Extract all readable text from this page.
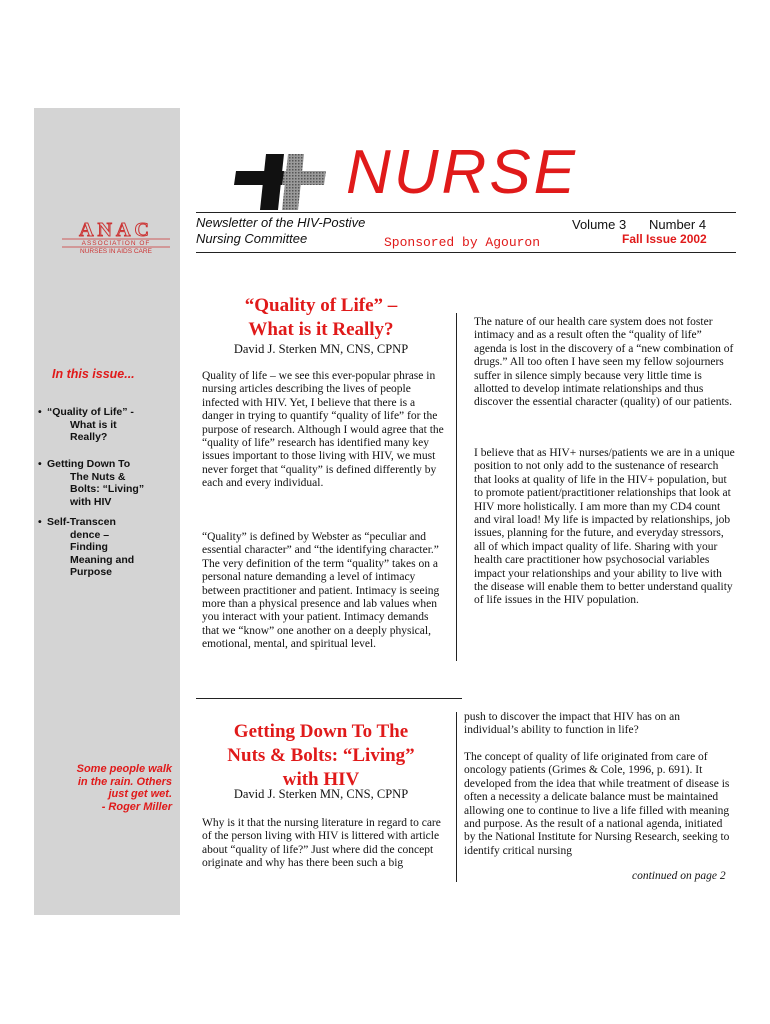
NURSE
ANAC
ASSOCIATION OF
NURSES IN AIDS CARE
Newsletter of the HIV-Postive
Nursing Committee	Sponsored by Agouron
Volume 3 Number 4
Fall Issue 2002
In this issue...
• “Quality of Life” -
What is it
Really?
• Getting Down To
The Nuts &
Bolts: “Living”
with HIV
• Self-Transcen
dence –
Finding
Meaning and
Purpose
Some people walk
in the rain. Others
just get wet.
- Roger Miller
“Quality of Life” –
What is it Really?
David J. Sterken MN, CNS, CPNP
Quality of life – we see this ever-popular phrase in nursing articles describing the lives of people infected with HIV. Yet, I believe that there is a danger in trying to quantify “quality of life” for the purpose of research. Although I would agree that the “quality of life” research has identified many key issues important to those living with HIV, we must never forget that “quality” is defined differently by each and every individual.
“Quality” is defined by Webster as “peculiar and essential character” and “the identifying character.” The very definition of the term “quality” takes on a personal nature demanding a level of intimacy between practitioner and patient. Intimacy is seeing more than a physical presence and lab values when you interact with your patient. Intimacy demands that we “know” one another on a deeply physical, emotional, mental, and spiritual level.
The nature of our health care system does not foster intimacy and as a result often the “quality of life” agenda is lost in the discovery of a “new combination of drugs.” All too often I have seen my fellow sojourners suffer in silence simply because very little time is allotted to develop intimate relationships and thus discover the essential character (quality) of our patients.
I believe that as HIV+ nurses/patients we are in a unique position to not only add to the sustenance of research that looks at quality of life in the HIV+ population, but to promote patient/practitioner relationships that look at HIV more holistically. I am more than my CD4 count and viral load! My life is impacted by relationships, job issues, planning for the future, and everyday stressors, all of which impact quality of life. Sharing with your health care practitioner how psychosocial variables impact your relationships and your ability to live with the disease will enable them to better understand quality of life issues in the HIV population.
Getting Down To The
Nuts & Bolts: “Living”
with HIV
David J. Sterken MN, CNS, CPNP
Why is it that the nursing literature in regard to care of the person living with HIV is littered with article about “quality of life?” Just where did the concept originate and why has there been such a big
push to discover the impact that HIV has on an individual’s ability to function in life?
The concept of quality of life originated from care of oncology patients (Grimes & Cole, 1996, p. 691). It developed from the idea that while treatment of disease is often a necessity a delicate balance must be maintained allowing one to continue to live a life filled with meaning and purpose. As the result of a national agenda, initiated by the National Institute for Nursing Research, seeking to identify critical nursing
continued on page 2
